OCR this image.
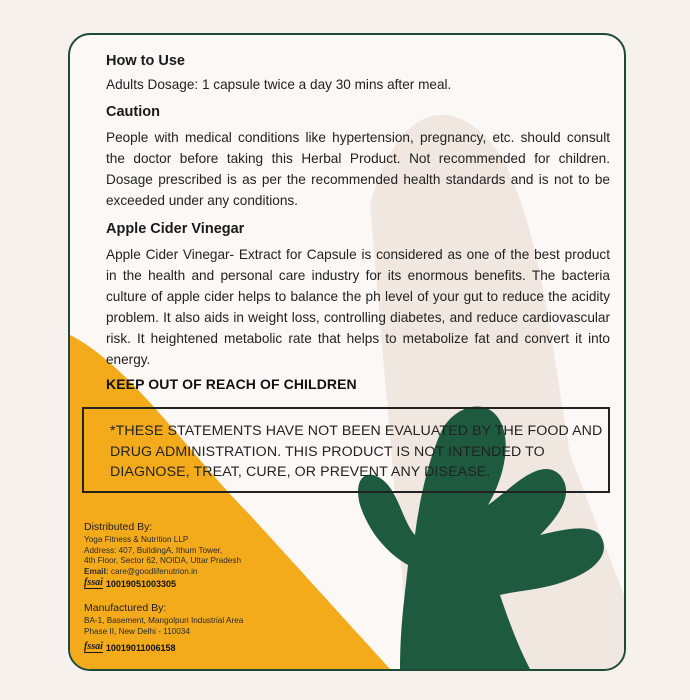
How to Use
Adults Dosage: 1 capsule twice a day 30 mins after meal.
Caution
People with medical conditions like hypertension, pregnancy, etc. should consult the doctor before taking this Herbal Product. Not recommended for children. Dosage prescribed is as per the recommended health standards and is not to be exceeded under any conditions.
Apple Cider Vinegar
Apple Cider Vinegar- Extract for Capsule is considered as one of the best product in the health and personal care industry for its enormous benefits. The bacteria culture of apple cider helps to balance the ph level of your gut to reduce the acidity problem. It also aids in weight loss, controlling diabetes, and reduce cardiovascular risk. It heightened metabolic rate that helps to metabolize fat and convert it into energy.
KEEP OUT OF REACH OF CHILDREN
*THESE STATEMENTS HAVE NOT BEEN EVALUATED BY THE FOOD AND DRUG ADMINISTRATION. THIS PRODUCT IS NOT INTENDED TO DIAGNOSE, TREAT, CURE, OR PREVENT ANY DISEASE.
Distributed By:
Yoga Fitness & Nutrition LLP
Address: 407, BuildingA, Ithum Tower,
4th Floor, Sector 62, NOIDA, Uttar Pradesh
Email: care@goodlifenutrion.in
fssai 10019051003305
Manufactured By:
BA-1, Basement, Mangolpuri Industrial Area
Phase II, New Delhi - 110034
fssai 10019011006158
